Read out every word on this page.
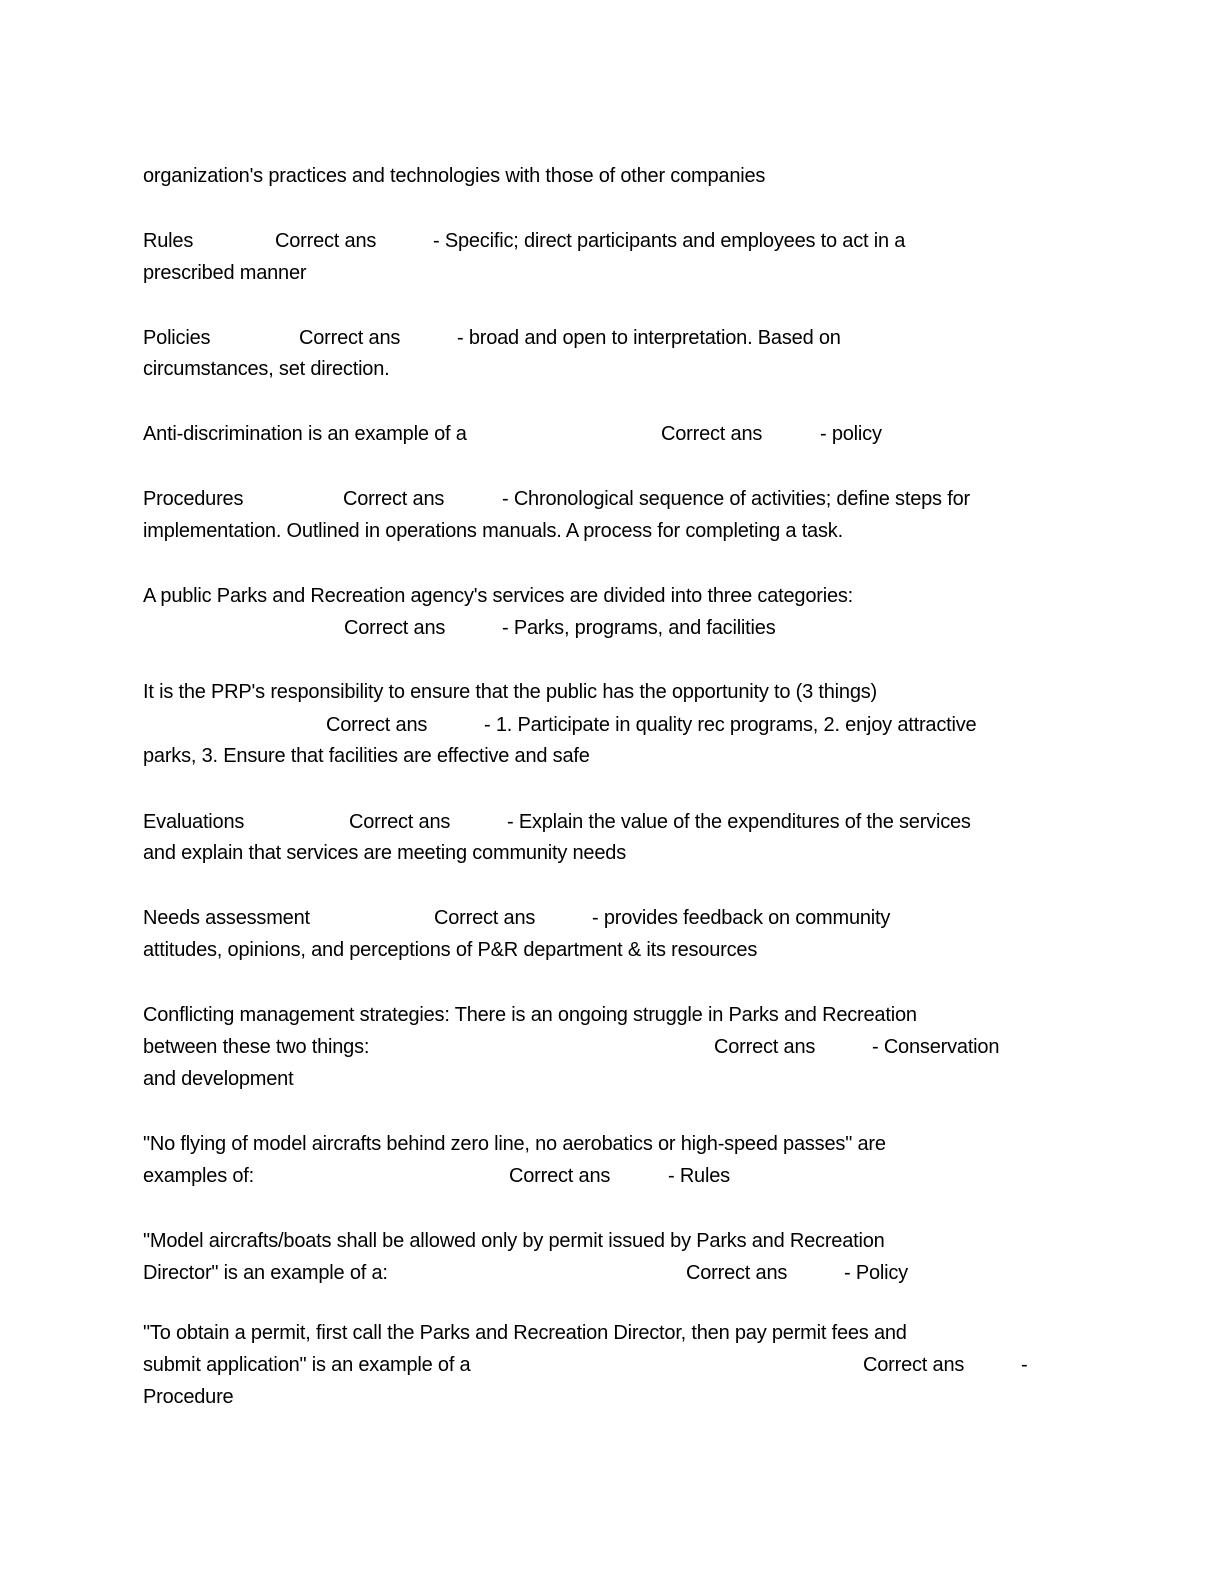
organization's practices and technologies with those of other companies
Rules	Correct ans	- Specific; direct participants and employees to act in a
prescribed manner
Policies	Correct ans	- broad and open to interpretation. Based on
circumstances, set direction.
Anti-discrimination is an example of a	Correct ans	- policy
Procedures	Correct ans	- Chronological sequence of activities; define steps for
implementation. Outlined in operations manuals. A process for completing a task.
A public Parks and Recreation agency's services are divided into three categories:
Correct ans	- Parks, programs, and facilities
It is the PRP's responsibility to ensure that the public has the opportunity to (3 things)
Correct ans	- 1. Participate in quality rec programs, 2. enjoy attractive
parks, 3. Ensure that facilities are effective and safe
Evaluations	Correct ans	- Explain the value of the expenditures of the services
and explain that services are meeting community needs
Needs assessment	Correct ans	- provides feedback on community
attitudes, opinions, and perceptions of P&R department & its resources
Conflicting management strategies: There is an ongoing struggle in Parks and Recreation
between these two things:	Correct ans	- Conservation
and development
"No flying of model aircrafts behind zero line, no aerobatics or high-speed passes" are
examples of:	Correct ans	- Rules
"Model aircrafts/boats shall be allowed only by permit issued by Parks and Recreation
Director" is an example of a:	Correct ans	- Policy
"To obtain a permit, first call the Parks and Recreation Director, then pay permit fees and
submit application" is an example of a	Correct ans	-
Procedure
